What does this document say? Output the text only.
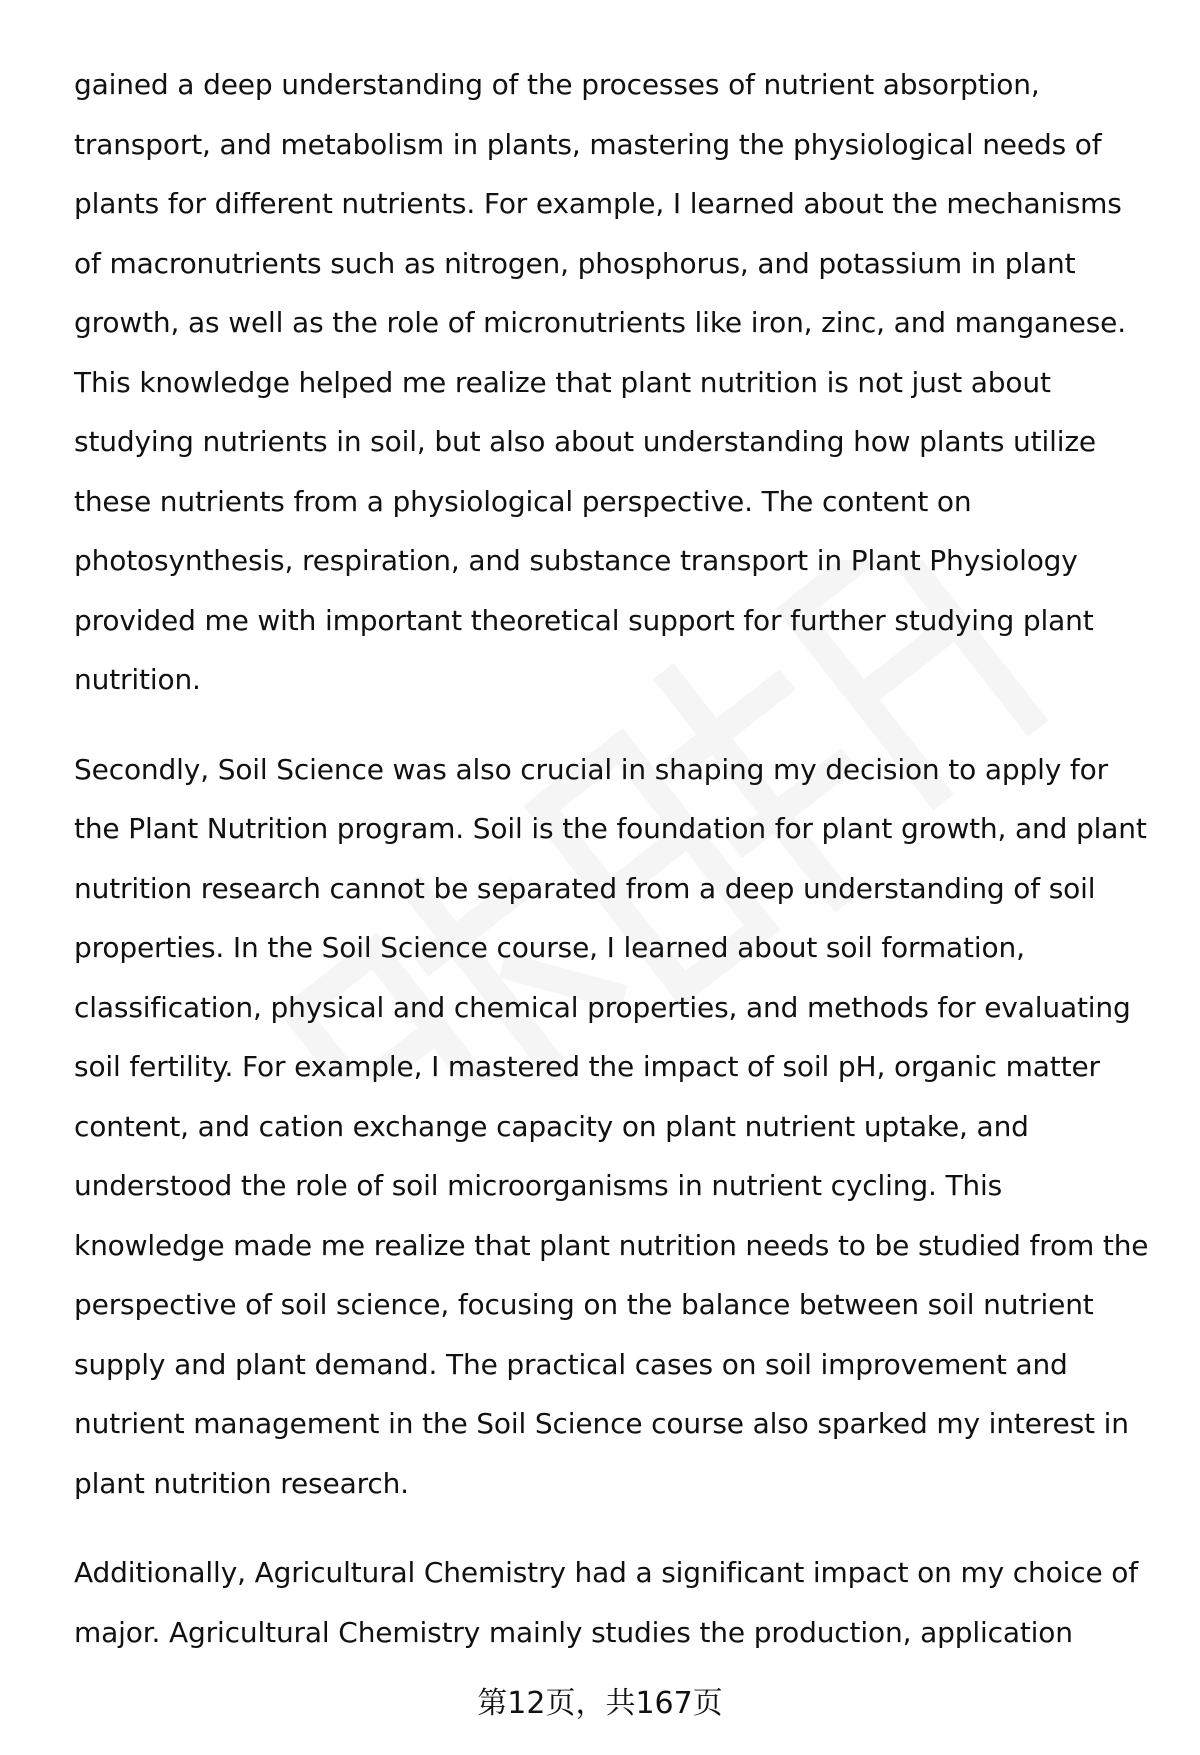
gained a deep understanding of the processes of nutrient absorption, transport, and metabolism in plants, mastering the physiological needs of plants for different nutrients. For example, I learned about the mechanisms of macronutrients such as nitrogen, phosphorus, and potassium in plant growth, as well as the role of micronutrients like iron, zinc, and manganese. This knowledge helped me realize that plant nutrition is not just about studying nutrients in soil, but also about understanding how plants utilize these nutrients from a physiological perspective. The content on photosynthesis, respiration, and substance transport in Plant Physiology provided me with important theoretical support for further studying plant nutrition.

Secondly, Soil Science was also crucial in shaping my decision to apply for the Plant Nutrition program. Soil is the foundation for plant growth, and plant nutrition research cannot be separated from a deep understanding of soil properties. In the Soil Science course, I learned about soil formation, classification, physical and chemical properties, and methods for evaluating soil fertility. For example, I mastered the impact of soil pH, organic matter content, and cation exchange capacity on plant nutrient uptake, and understood the role of soil microorganisms in nutrient cycling. This knowledge made me realize that plant nutrition needs to be studied from the perspective of soil science, focusing on the balance between soil nutrient supply and plant demand. The practical cases on soil improvement and nutrient management in the Soil Science course also sparked my interest in plant nutrition research.

Additionally, Agricultural Chemistry had a significant impact on my choice of major. Agricultural Chemistry mainly studies the production, application

第12页，共167页
